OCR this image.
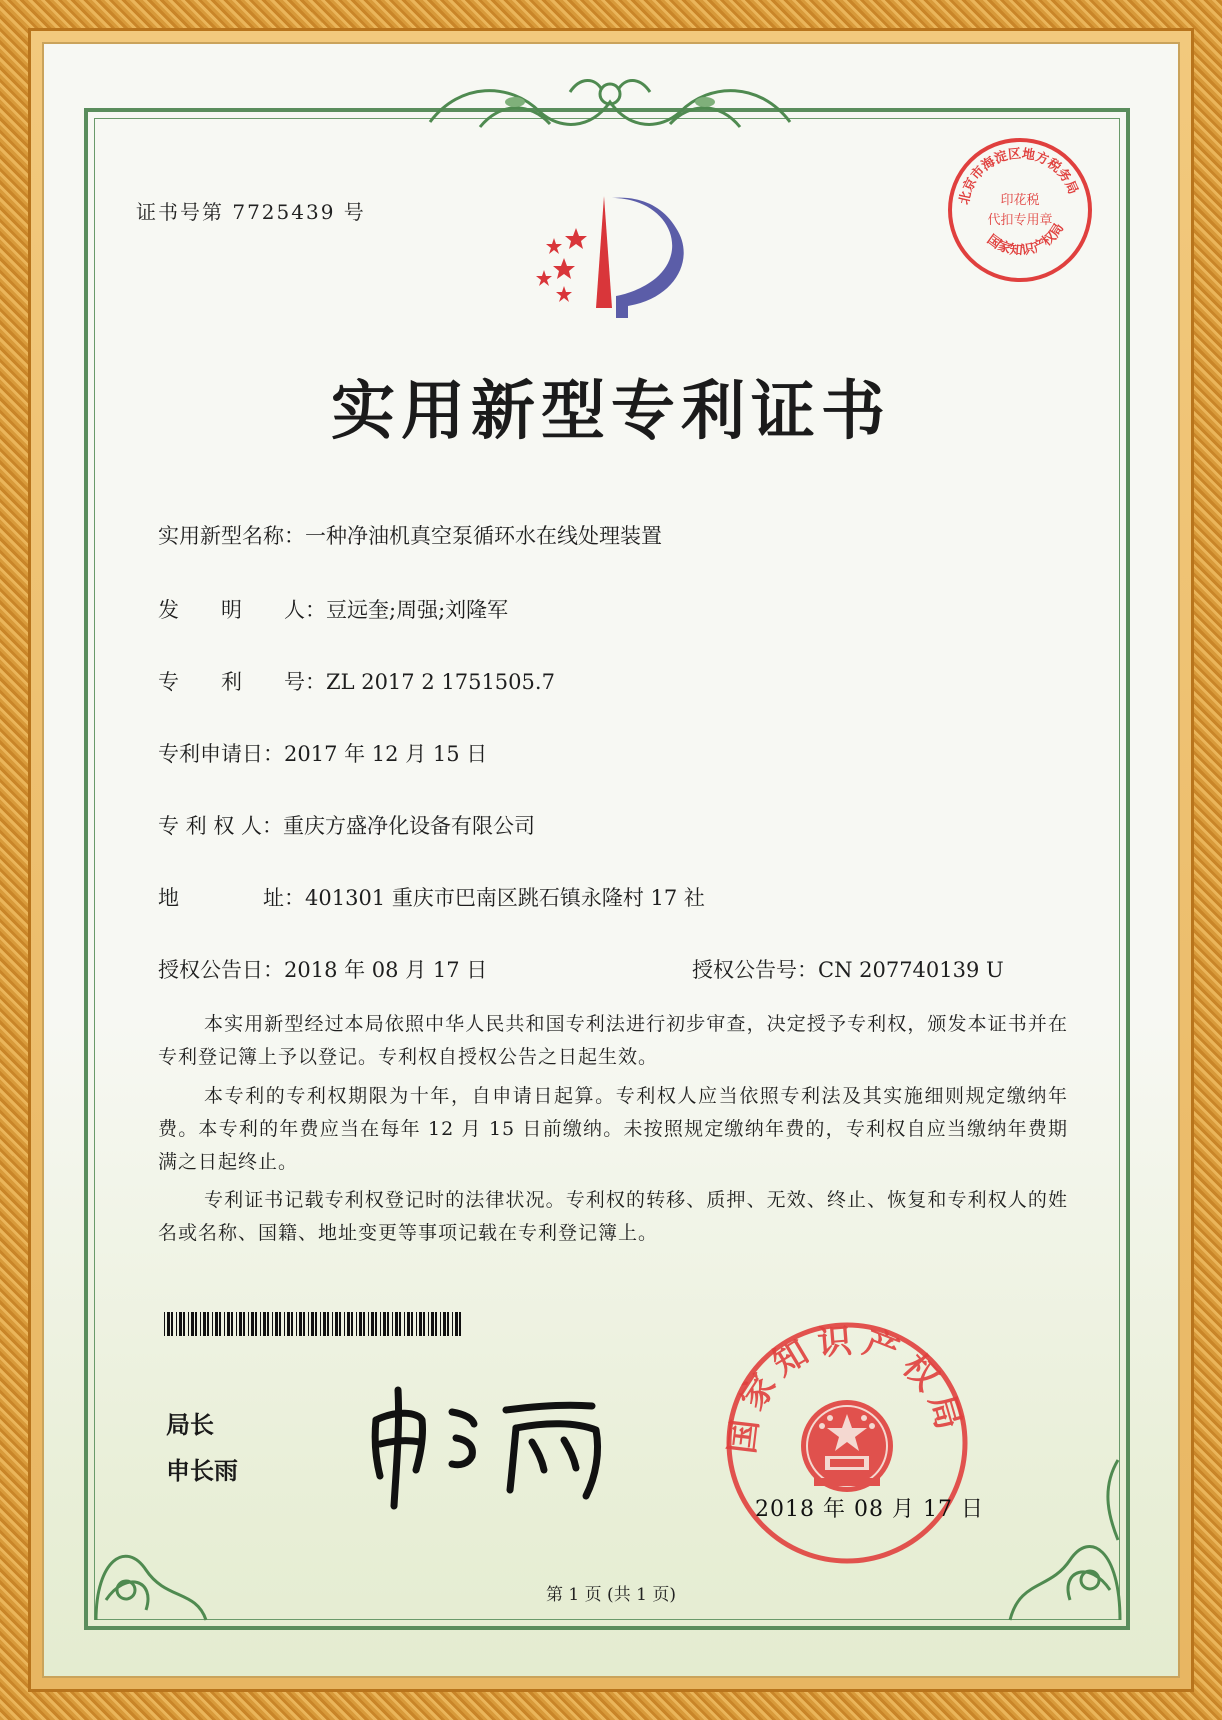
证书号第 7725439 号
北京市海淀区地方税务局
印花税
代扣专用章
国家知识产权局
实用新型专利证书
实用新型名称：一种净油机真空泵循环水在线处理装置
发　　明　　人：豆远奎;周强;刘隆军
专　　利　　号：ZL 2017 2 1751505.7
专利申请日：2017 年 12 月 15 日
专 利 权 人：重庆方盛净化设备有限公司
地　　　　址：401301 重庆市巴南区跳石镇永隆村 17 社
授权公告日：2018 年 08 月 17 日	授权公告号：CN 207740139 U
本实用新型经过本局依照中华人民共和国专利法进行初步审查，决定授予专利权，颁发本证书并在专利登记簿上予以登记。专利权自授权公告之日起生效。
本专利的专利权期限为十年，自申请日起算。专利权人应当依照专利法及其实施细则规定缴纳年费。本专利的年费应当在每年 12 月 15 日前缴纳。未按照规定缴纳年费的，专利权自应当缴纳年费期满之日起终止。
专利证书记载专利权登记时的法律状况。专利权的转移、质押、无效、终止、恢复和专利权人的姓名或名称、国籍、地址变更等事项记载在专利登记簿上。
局长
申长雨
国家知识产权局
2018 年 08 月 17 日
第 1 页 (共 1 页)
